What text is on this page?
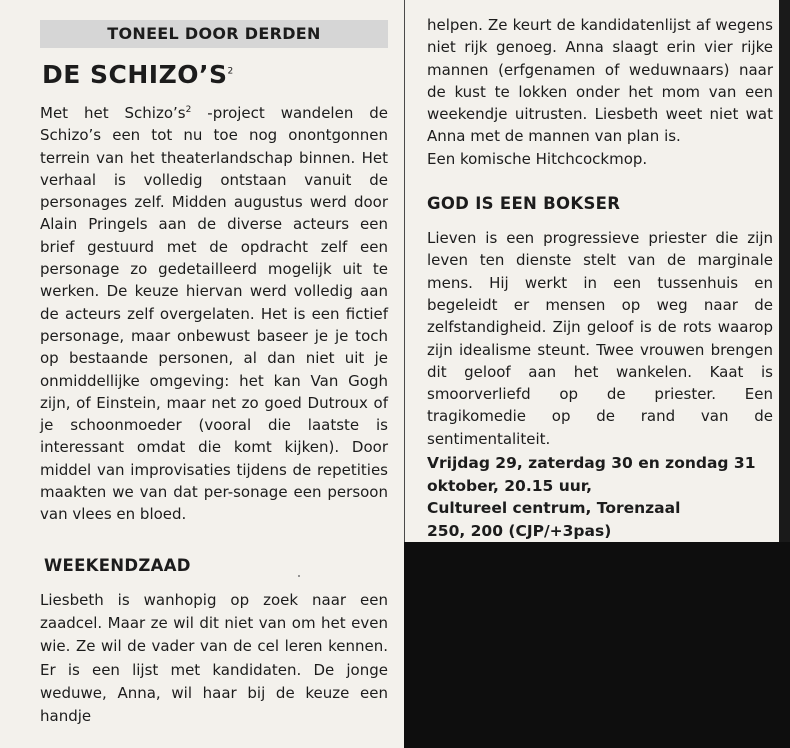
TONEEL DOOR DERDEN
DE $SCHIZO’S^2$

Met het $Schizo’s^2$ -project wandelen de Schizo’s een tot nu toe nog onontgonnen terrein van het theaterlandschap binnen. Het verhaal is volledig ontstaan vanuit de personages zelf. Midden augustus werd door Alain Pringels aan de diverse acteurs een brief gestuurd met de opdracht zelf een personage zo gedetailleerd mogelijk uit te werken. De keuze hiervan werd volledig aan de acteurs zelf overgelaten. Het is een fictief personage, maar onbewust baseer je je toch op bestaande personen, al dan niet uit je onmiddellijke omgeving: het kan Van Gogh zijn, of Einstein, maar net zo goed Dutroux of je schoonmoeder (vooral die laatste is interessant omdat die komt kijken). Door middel van improvisaties tijdens de repetities maakten we van dat per-sonage een persoon van vlees en bloed.

WEEKENDZAAD

Liesbeth is wanhopig op zoek naar een zaadcel. Maar ze wil dit niet van om het even wie. Ze wil de vader van de cel leren kennen. Er is een lijst met kandidaten. De jonge weduwe, Anna, wil haar bij de keuze een handje

helpen. Ze keurt de kandidatenlijst af wegens niet rijk genoeg. Anna slaagt erin vier rijke mannen (erfgenamen of weduwnaars) naar de kust te lokken onder het mom van een weekendje uitrusten. Liesbeth weet niet wat Anna met de mannen van plan is.

Een komische Hitchcockmop.

GOD IS EEN BOKSER

Lieven is een progressieve priester die zijn leven ten dienste stelt van de marginale mens. Hij werkt in een tussenhuis en begeleidt er mensen op weg naar de zelfstandigheid. Zijn geloof is de rots waarop zijn idealisme steunt. Twee vrouwen brengen dit geloof aan het wankelen. Kaat is smoorverliefd op de priester. Een tragikomedie op de rand van de sentimentaliteit.

Vrijdag 29, zaterdag 30 en zondag 31 oktober, 20.15 uur,

Cultureel centrum, Torenzaal

250, 200 (CJP/+3pas)
